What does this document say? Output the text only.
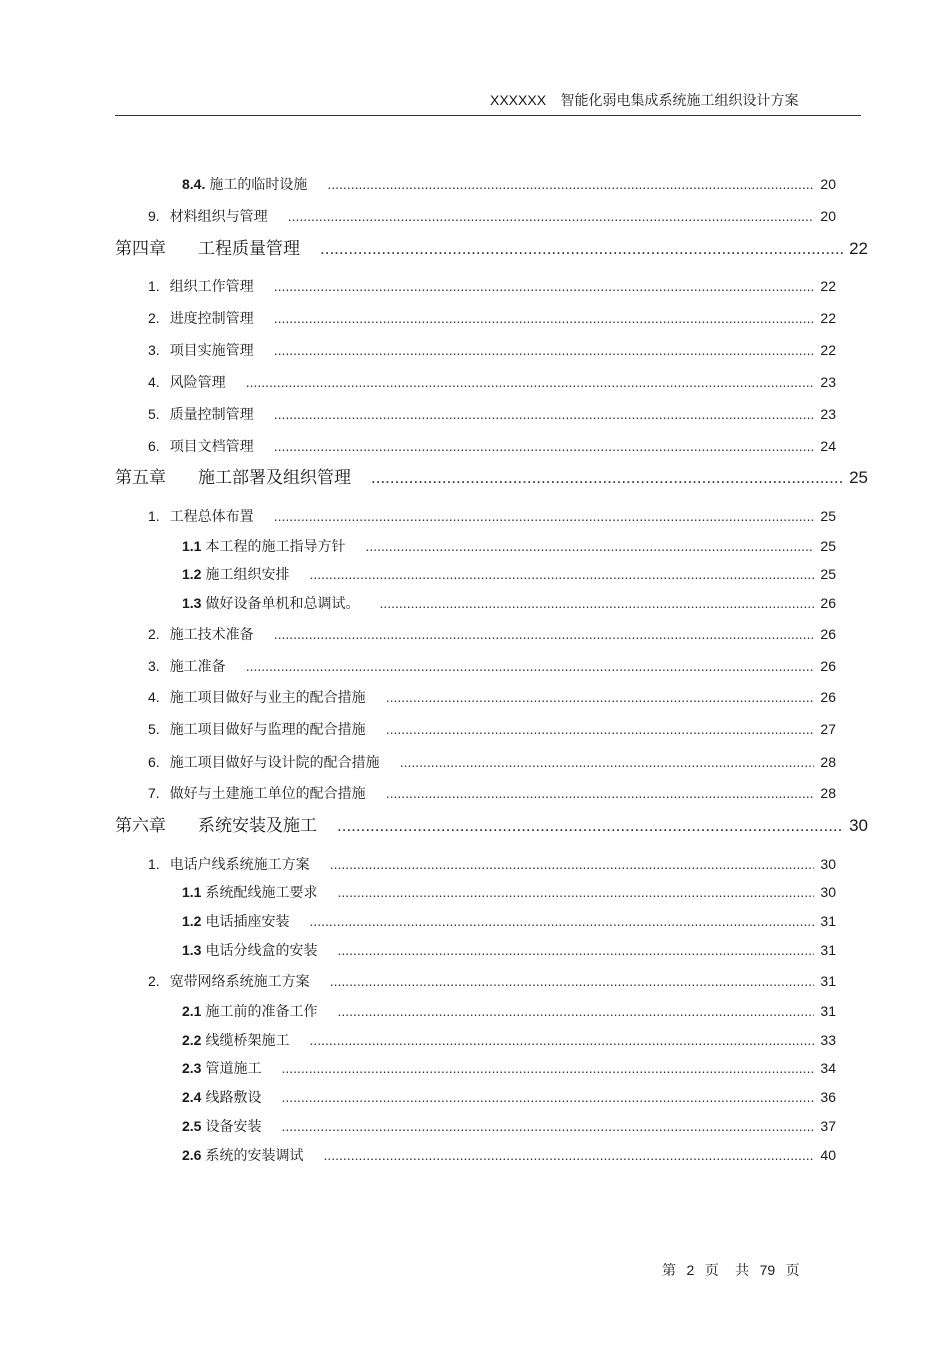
XXXXXX 智能化弱电集成系统施工组织设计方案
8.4. 施工的临时设施 .....	20
9. 材料组织与管理 .....	20
第四章 工程质量管理 .....	22
1. 组织工作管理 .....	22
2. 进度控制管理 .....	22
3. 项目实施管理 .....	22
4. 风险管理 .....	23
5. 质量控制管理 .....	23
6. 项目文档管理 .....	24
第五章 施工部署及组织管理 .....	25
1. 工程总体布置 .....	25
1.1 本工程的施工指导方针 .....	25
1.2 施工组织安排 .....	25
1.3 做好设备单机和总调试。 .....	26
2. 施工技术准备 .....	26
3. 施工准备 .....	26
4. 施工项目做好与业主的配合措施 .....	26
5. 施工项目做好与监理的配合措施 .....	27
6. 施工项目做好与设计院的配合措施 .....	28
7. 做好与土建施工单位的配合措施 .....	28
第六章 系统安装及施工 .....	30
1. 电话户线系统施工方案 .....	30
1.1 系统配线施工要求 .....	30
1.2 电话插座安装 .....	31
1.3 电话分线盒的安装 .....	31
2. 宽带网络系统施工方案 .....	31
2.1 施工前的准备工作 .....	31
2.2 线缆桥架施工 .....	33
2.3 管道施工 .....	34
2.4 线路敷设 .....	36
2.5 设备安装 .....	37
2.6 系统的安装调试 .....	40
第 2 页 共 79 页
